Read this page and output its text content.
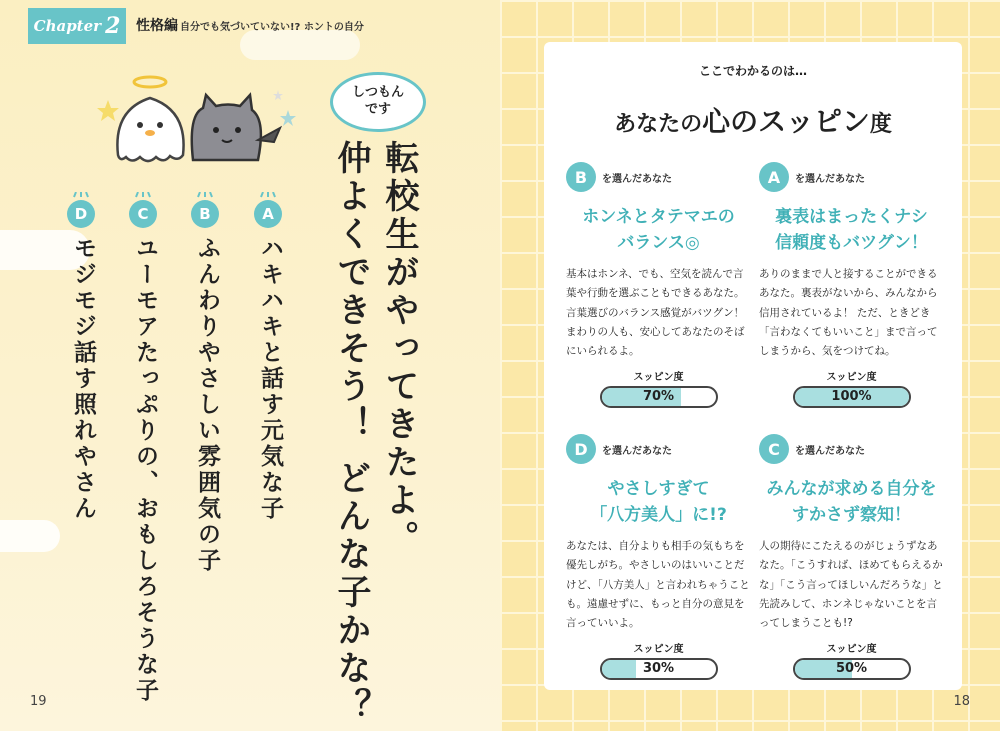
Chapter 2 性格編 自分でも気づいていない!? ホントの自分
しつもん
です
転校生がやってきたよ。
仲よくできそう！ どんな子かな？
A
ハキハキと話す元気な子
B
ふんわりやさしい雰囲気の子
C
ユーモアたっぷりの、おもしろそうな子
D
モジモジ話す照れやさん
19
ここでわかるのは…
あなたの心のスッピン度
B	を選んだあなた
ホンネとタテマエの
バランス◎
基本はホンネ、でも、空気を読んで言葉や行動を選ぶこともできるあなた。言葉選びのバランス感覚がバツグン！ まわりの人も、安心してあなたのそばにいられるよ。
スッピン度
70%
A	を選んだあなた
裏表はまったくナシ
信頼度もバツグン！
ありのままで人と接することができるあなた。裏表がないから、みんなから信用されているよ！ ただ、ときどき「言わなくてもいいこと」まで言ってしまうから、気をつけてね。
スッピン度
100%
D	を選んだあなた
やさしすぎて
「八方美人」に!?
あなたは、自分よりも相手の気もちを優先しがち。やさしいのはいいことだけど、「八方美人」と言われちゃうことも。遠慮せずに、もっと自分の意見を言っていいよ。
スッピン度
30%
C	を選んだあなた
みんなが求める自分を
すかさず察知！
人の期待にこたえるのがじょうずなあなた。「こうすれば、ほめてもらえるかな」「こう言ってほしいんだろうな」と先読みして、ホンネじゃないことを言ってしまうことも!?
スッピン度
50%
18
